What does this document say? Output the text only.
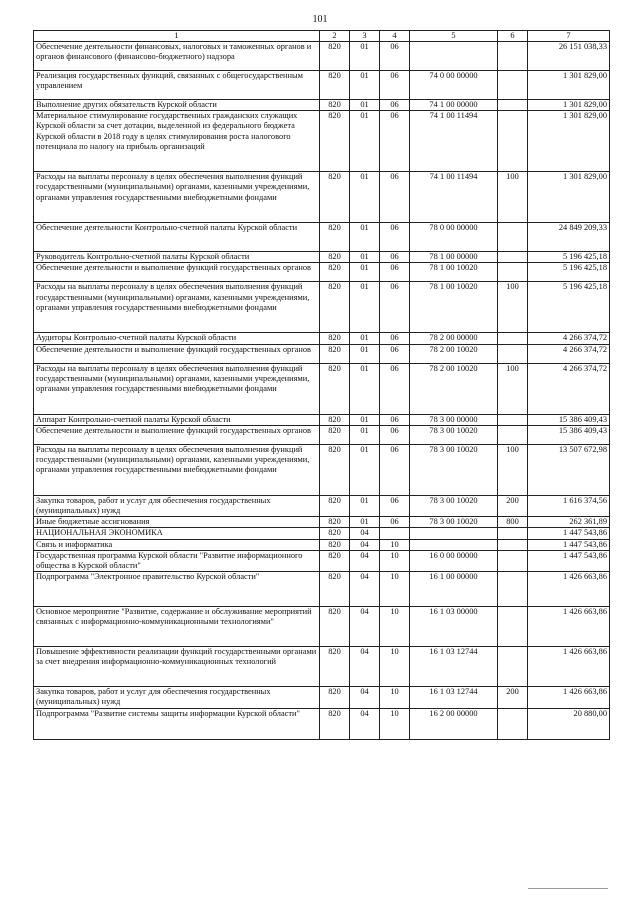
101
1	2	3	4	5	6	7
Обеспечение деятельности финансовых, налоговых и таможенных органов и органов финансового (финансово-бюджетного) надзора	820	01	06			26 151 038,33
Реализация государственных функций, связанных с общегосударственным управлением	820	01	06	74 0 00 00000		1 301 829,00
Выполнение других обязательств Курской области	820	01	06	74 1 00 00000		1 301 829,00
Материальное стимулирование государственных гражданских служащих Курской области за счет дотации, выделенной из федерального бюджета Курской области в 2018 году в целях стимулирования роста налогового потенциала по налогу на прибыль организаций	820	01	06	74 1 00 11494		1 301 829,00
Расходы на выплаты персоналу в целях обеспечения выполнения функций государственными (муниципальными) органами, казенными учреждениями, органами управления государственными внебюджетными фондами	820	01	06	74 1 00 11494	100	1 301 829,00
Обеспечение деятельности Контрольно-счетной палаты Курской области	820	01	06	78 0 00 00000		24 849 209,33
Руководитель Контрольно-счетной палаты Курской области	820	01	06	78 1 00 00000		5 196 425,18
Обеспечение деятельности и выполнение функций государственных органов	820	01	06	78 1 00 10020		5 196 425,18
Расходы на выплаты персоналу в целях обеспечения выполнения функций государственными (муниципальными) органами, казенными учреждениями, органами управления государственными внебюджетными фондами	820	01	06	78 1 00 10020	100	5 196 425,18
Аудиторы Контрольно-счетной палаты Курской области	820	01	06	78 2 00 00000		4 266 374,72
Обеспечение деятельности и выполнение функций государственных органов	820	01	06	78 2 00 10020		4 266 374,72
Расходы на выплаты персоналу в целях обеспечения выполнения функций государственными (муниципальными) органами, казенными учреждениями, органами управления государственными внебюджетными фондами	820	01	06	78 2 00 10020	100	4 266 374,72
Аппарат Контрольно-счетной палаты Курской области	820	01	06	78 3 00 00000		15 386 409,43
Обеспечение деятельности и выполнение функций государственных органов	820	01	06	78 3 00 10020		15 386 409,43
Расходы на выплаты персоналу в целях обеспечения выполнения функций государственными (муниципальными) органами, казенными учреждениями, органами управления государственными внебюджетными фондами	820	01	06	78 3 00 10020	100	13 507 672,98
Закупка товаров, работ и услуг для обеспечения государственных (муниципальных) нужд	820	01	06	78 3 00 10020	200	1 616 374,56
Иные бюджетные ассигнования	820	01	06	78 3 00 10020	800	262 361,89
НАЦИОНАЛЬНАЯ ЭКОНОМИКА	820	04				1 447 543,86
Связь и информатика	820	04	10			1 447 543,86
Государственная программа Курской области "Развитие информационного общества в Курской области"	820	04	10	16 0 00 00000		1 447 543,86
Подпрограмма "Электронное правительство Курской области"	820	04	10	16 1 00 00000		1 426 663,86
Основное мероприятие "Развитие, содержание и обслуживание мероприятий связанных с информационно-коммуникационными технологиями"	820	04	10	16 1 03 00000		1 426 663,86
Повышение эффективности реализации функций государственными органами за счет внедрения информационно-коммуникационных технологий	820	04	10	16 1 03 12744		1 426 663,86
Закупка товаров, работ и услуг для обеспечения государственных (муниципальных) нужд	820	04	10	16 1 03 12744	200	1 426 663,86
Подпрограмма "Развитие системы защиты информации Курской области"	820	04	10	16 2 00 00000		20 880,00
